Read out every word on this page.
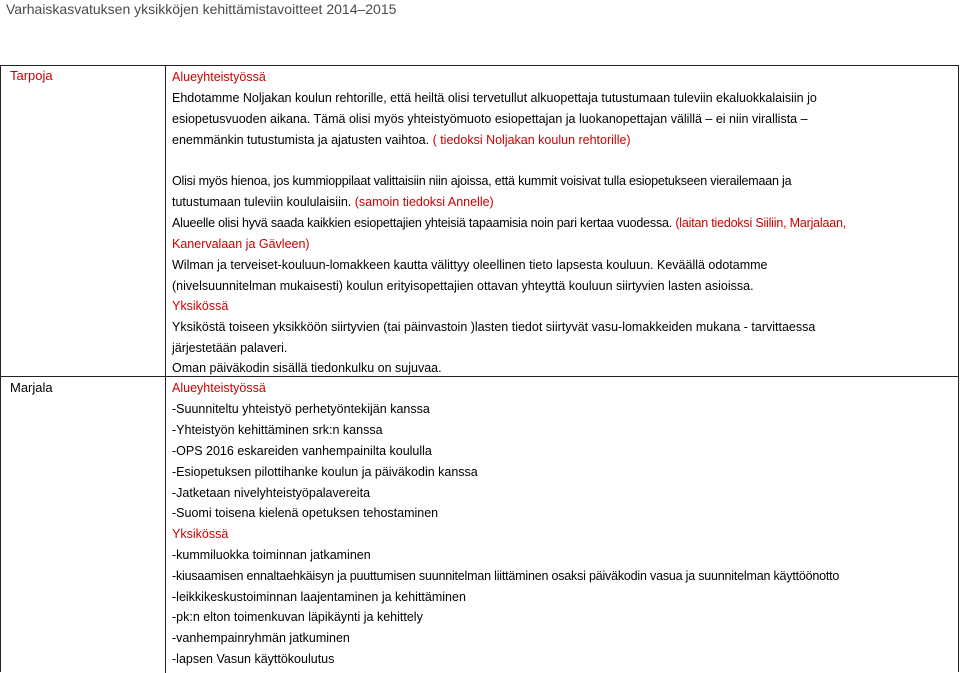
Varhaiskasvatuksen yksikköjen kehittämistavoitteet 2014–2015
Tarpoja	Alueyhteistyössä
Ehdotamme Noljakan koulun rehtorille, että heiltä olisi tervetullut alkuopettaja tutustumaan tuleviin ekaluokkalaisiin jo
esiopetusvuoden aikana. Tämä olisi myös yhteistyömuoto esiopettajan ja luokanopettajan välillä – ei niin virallista –
enemmänkin tutustumista ja ajatusten vaihtoa. ( tiedoksi Noljakan koulun rehtorille)
Olisi myös hienoa, jos kummioppilaat valittaisiin niin ajoissa, että kummit voisivat tulla esiopetukseen vierailemaan ja
tutustumaan tuleviin koululaisiin. (samoin tiedoksi Annelle)
Alueelle olisi hyvä saada kaikkien esiopettajien yhteisiä tapaamisia noin pari kertaa vuodessa. (laitan tiedoksi Siiliin, Marjalaan,
Kanervalaan ja Gävleen)
Wilman ja terveiset-kouluun-lomakkeen kautta välittyy oleellinen tieto lapsesta kouluun. Keväällä odotamme
(nivelsuunnitelman mukaisesti) koulun erityisopettajien ottavan yhteyttä kouluun siirtyvien lasten asioissa.
Yksikössä
Yksiköstä toiseen yksikköön siirtyvien (tai päinvastoin )lasten tiedot siirtyvät vasu-lomakkeiden mukana - tarvittaessa
järjestetään palaveri.
Oman päiväkodin sisällä tiedonkulku on sujuvaa.
Marjala	Alueyhteistyössä
-Suunniteltu yhteistyö perhetyöntekijän kanssa
-Yhteistyön kehittäminen srk:n kanssa
-OPS 2016 eskareiden vanhempainilta koululla
-Esiopetuksen pilottihanke koulun ja päiväkodin kanssa
-Jatketaan nivelyhteistyöpalavereita
-Suomi toisena kielenä opetuksen tehostaminen
Yksikössä
-kummiluokka toiminnan jatkaminen
-kiusaamisen ennaltaehkäisyn ja puuttumisen suunnitelman liittäminen osaksi päiväkodin vasua ja suunnitelman käyttöönotto
-leikkikeskustoiminnan laajentaminen ja kehittäminen
-pk:n elton toimenkuvan läpikäynti ja kehittely
-vanhempainryhmän jatkuminen
-lapsen Vasun käyttökoulutus
